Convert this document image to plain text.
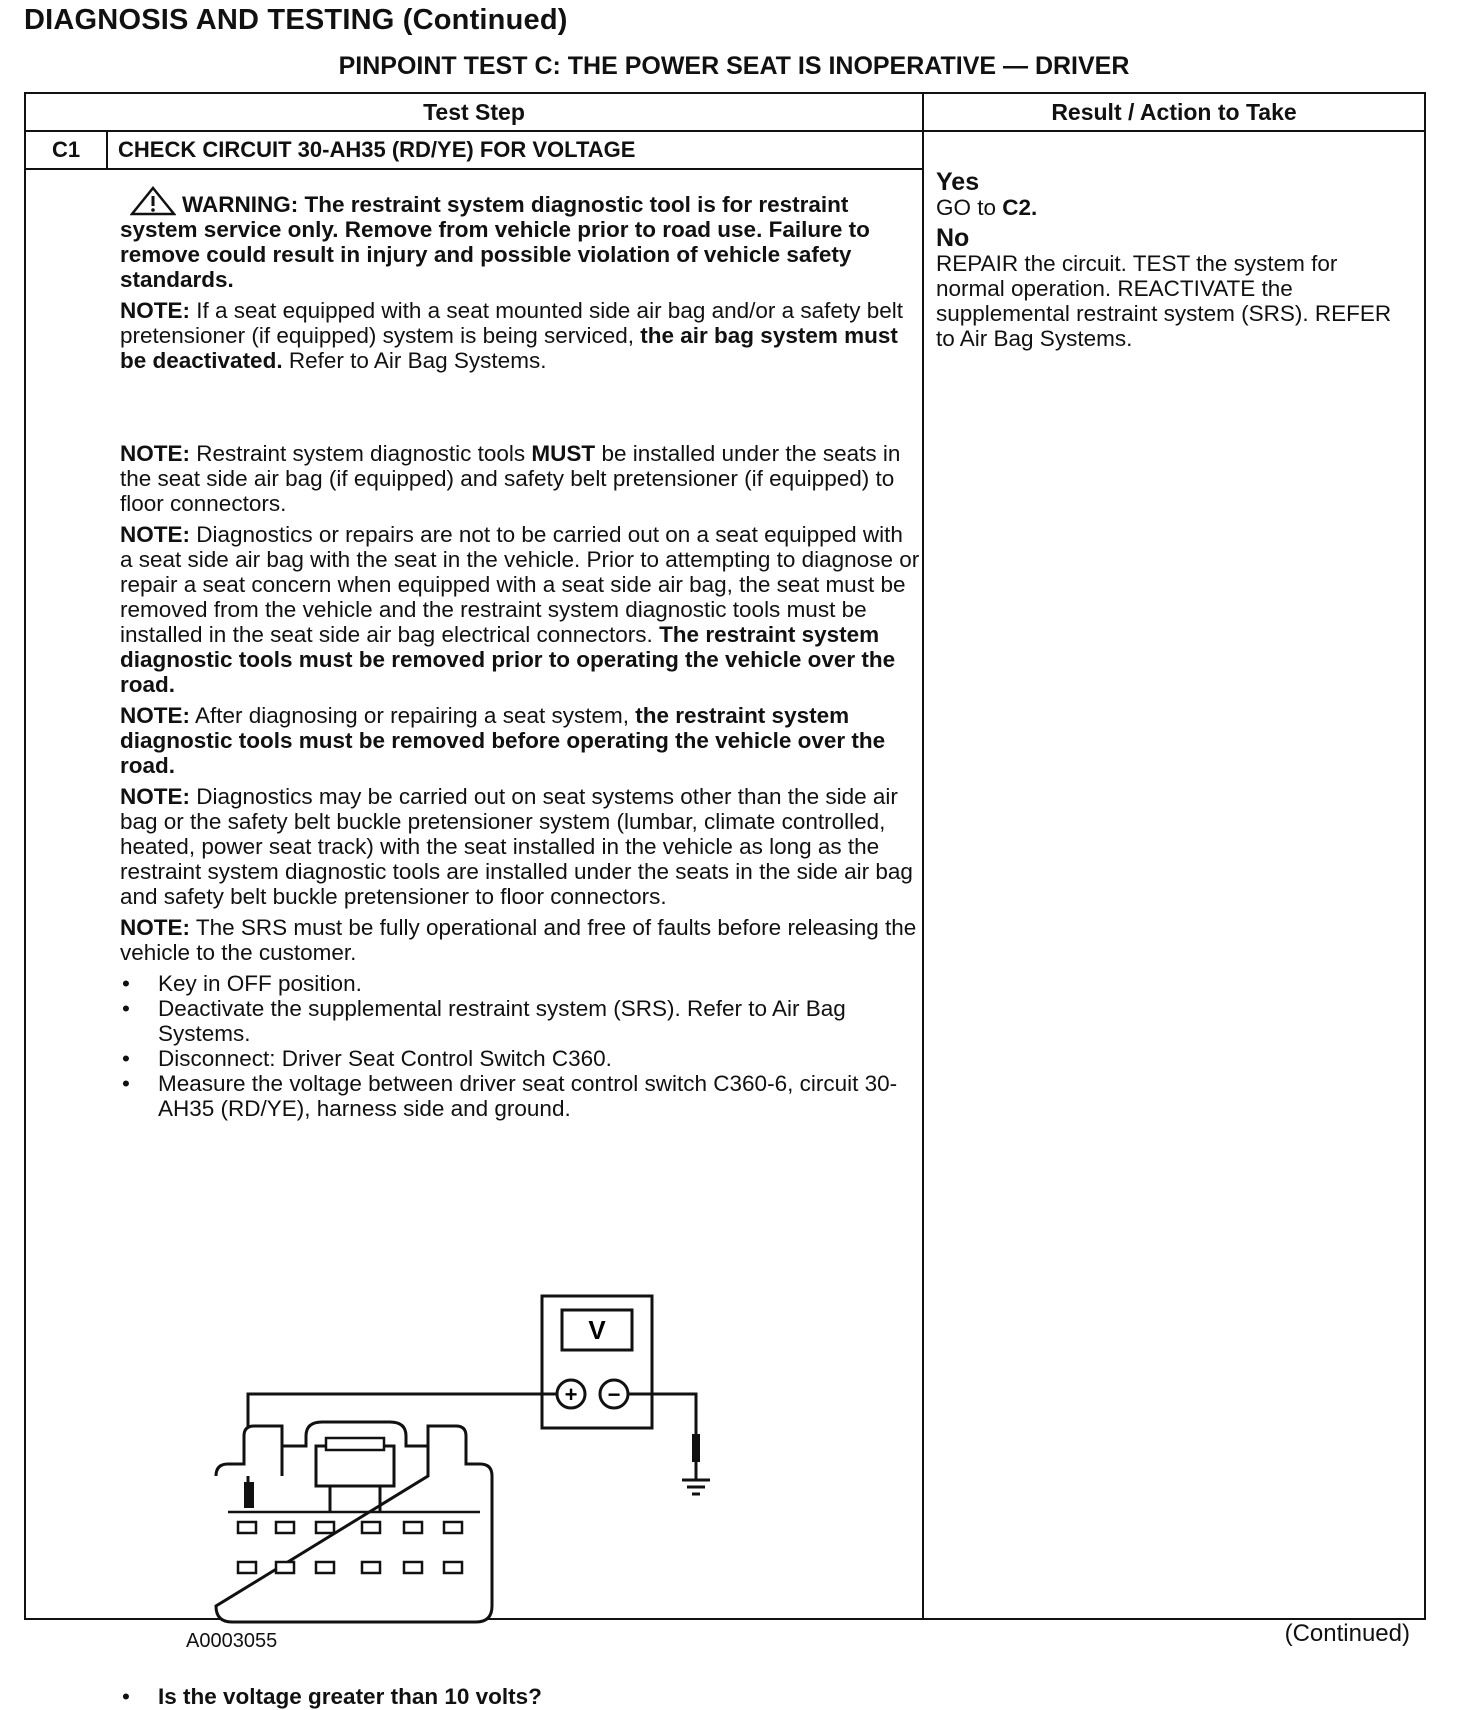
DIAGNOSIS AND TESTING (Continued)
PINPOINT TEST C: THE POWER SEAT IS INOPERATIVE — DRIVER
Test Step	Result / Action to Take
C1	CHECK CIRCUIT 30-AH35 (RD/YE) FOR VOLTAGE

WARNING: The restraint system diagnostic tool is for restraint system service only. Remove from vehicle prior to road use. Failure to remove could result in injury and possible violation of vehicle safety standards.

NOTE: If a seat equipped with a seat mounted side air bag and/or a safety belt pretensioner (if equipped) system is being serviced, the air bag system must be deactivated. Refer to Air Bag Systems.

NOTE: Restraint system diagnostic tools MUST be installed under the seats in the seat side air bag (if equipped) and safety belt pretensioner (if equipped) to floor connectors.

NOTE: Diagnostics or repairs are not to be carried out on a seat equipped with a seat side air bag with the seat in the vehicle. Prior to attempting to diagnose or repair a seat concern when equipped with a seat side air bag, the seat must be removed from the vehicle and the restraint system diagnostic tools must be installed in the seat side air bag electrical connectors. The restraint system diagnostic tools must be removed prior to operating the vehicle over the road.

NOTE: After diagnosing or repairing a seat system, the restraint system diagnostic tools must be removed before operating the vehicle over the road.

NOTE: Diagnostics may be carried out on seat systems other than the side air bag or the safety belt buckle pretensioner system (lumbar, climate controlled, heated, power seat track) with the seat installed in the vehicle as long as the restraint system diagnostic tools are installed under the seats in the side air bag and safety belt buckle pretensioner to floor connectors.

NOTE: The SRS must be fully operational and free of faults before releasing the vehicle to the customer.

• Key in OFF position.
• Deactivate the supplemental restraint system (SRS). Refer to Air Bag Systems.
• Disconnect: Driver Seat Control Switch C360.
• Measure the voltage between driver seat control switch C360-6, circuit 30-AH35 (RD/YE), harness side and ground.
V
+ −
A0003055
• Is the voltage greater than 10 volts?

Yes

GO to C2.

No

REPAIR the circuit. TEST the system for normal operation. REACTIVATE the supplemental restraint system (SRS). REFER to Air Bag Systems.

(Continued)
